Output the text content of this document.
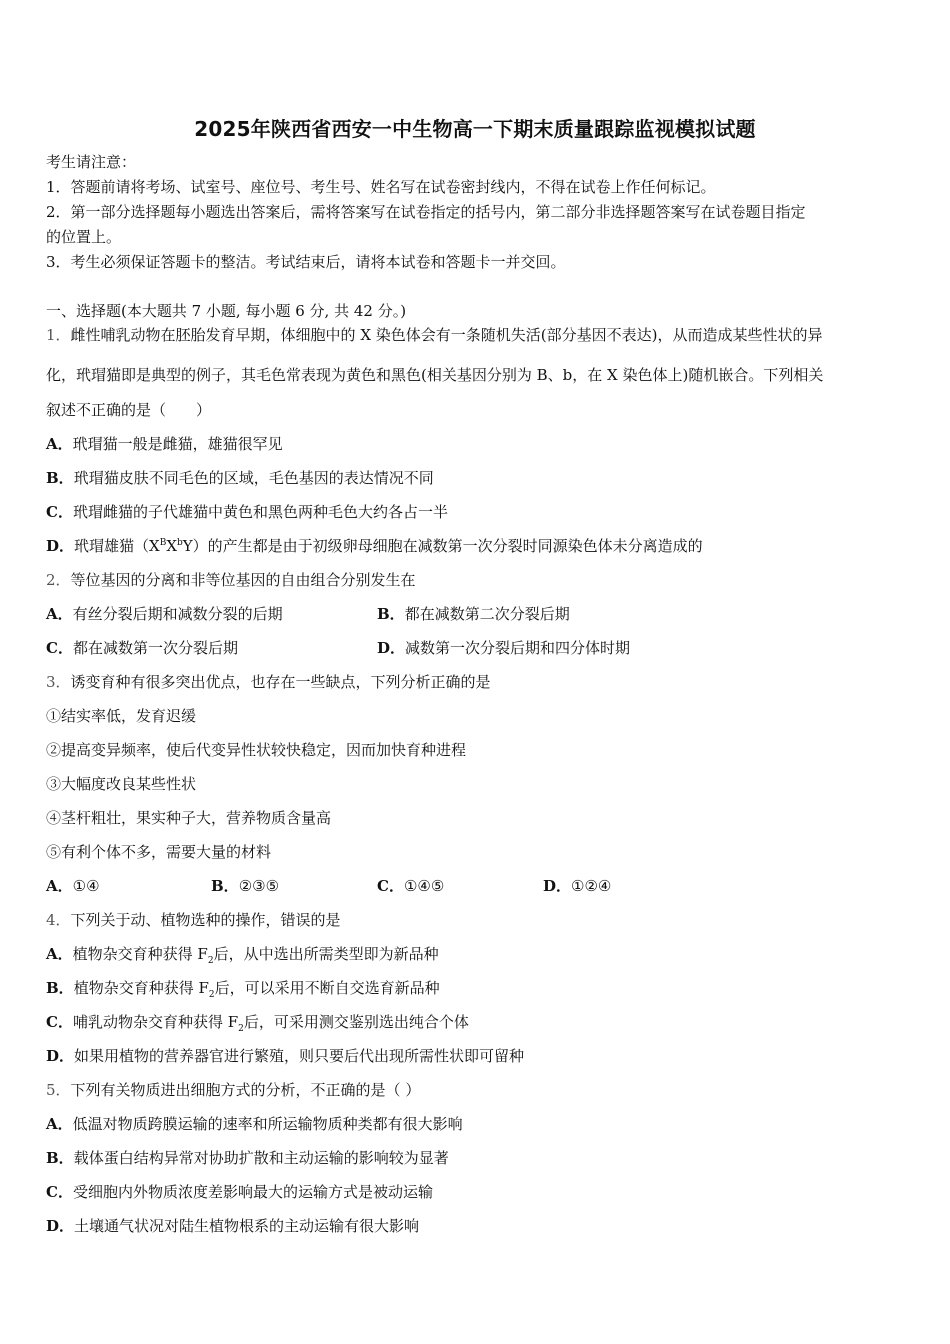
2025年陕西省西安一中生物高一下期末质量跟踪监视模拟试题
考生请注意：
1．答题前请将考场、试室号、座位号、考生号、姓名写在试卷密封线内，不得在试卷上作任何标记。
2．第一部分选择题每小题选出答案后，需将答案写在试卷指定的括号内，第二部分非选择题答案写在试卷题目指定
的位置上。
3．考生必须保证答题卡的整洁。考试结束后，请将本试卷和答题卡一并交回。
一、选择题(本大题共 7 小题, 每小题 6 分, 共 42 分。)
1．雌性哺乳动物在胚胎发育早期，体细胞中的 X 染色体会有一条随机失活(部分基因不表达)，从而造成某些性状的异
化，玳瑁猫即是典型的例子，其毛色常表现为黄色和黑色(相关基因分别为 B、b，在 X 染色体上)随机嵌合。下列相关
叙述不正确的是（　　）
A．玳瑁猫一般是雌猫，雄猫很罕见
B．玳瑁猫皮肤不同毛色的区域，毛色基因的表达情况不同
C．玳瑁雌猫的子代雄猫中黄色和黑色两种毛色大约各占一半
D．玳瑁雄猫$(X^BX^bY)$的产生都是由于初级卵母细胞在减数第一次分裂时同源染色体未分离造成的
2．等位基因的分离和非等位基因的自由组合分别发生在
A．有丝分裂后期和减数分裂的后期	B．都在减数第二次分裂后期
C．都在减数第一次分裂后期	D．减数第一次分裂后期和四分体时期
3．诱变育种有很多突出优点，也存在一些缺点，下列分析正确的是
①结实率低，发育迟缓
②提高变异频率，使后代变异性状较快稳定，因而加快育种进程
③大幅度改良某些性状
④茎杆粗壮，果实种子大，营养物质含量高
⑤有利个体不多，需要大量的材料
A．①④	B．②③⑤	C．①④⑤	D．①②④
4．下列关于动、植物选种的操作，错误的是
A．植物杂交育种获得 $F_2$后，从中选出所需类型即为新品种
B．植物杂交育种获得 $F_2$后，可以采用不断自交选育新品种
C．哺乳动物杂交育种获得 $F_2$后，可采用测交鉴别选出纯合个体
D．如果用植物的营养器官进行繁殖，则只要后代出现所需性状即可留种
5．下列有关物质进出细胞方式的分析，不正确的是（ ）
A．低温对物质跨膜运输的速率和所运输物质种类都有很大影响
B．载体蛋白结构异常对协助扩散和主动运输的影响较为显著
C．受细胞内外物质浓度差影响最大的运输方式是被动运输
D．土壤通气状况对陆生植物根系的主动运输有很大影响
